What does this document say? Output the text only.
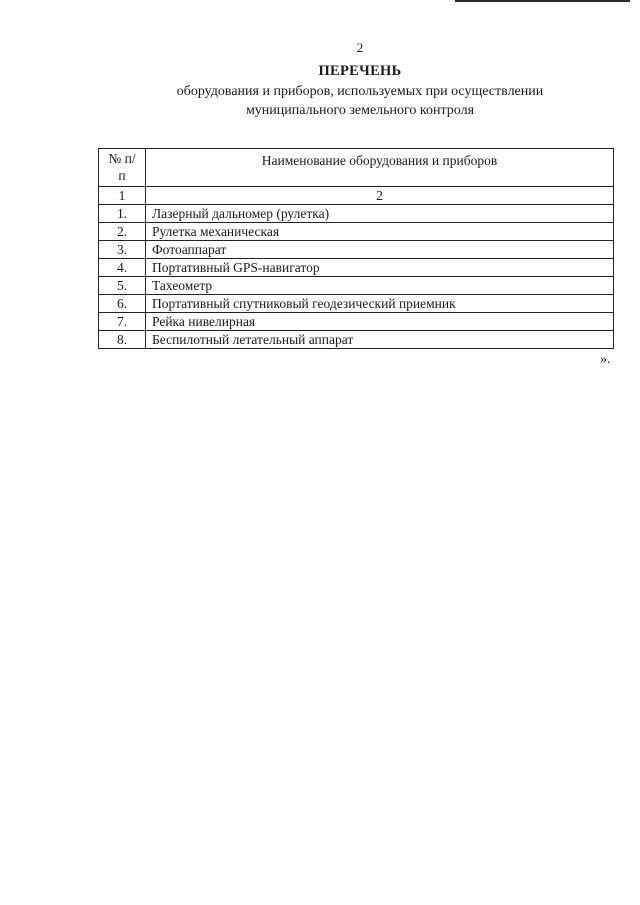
2
ПЕРЕЧЕНЬ
оборудования и приборов, используемых при осуществлении
муниципального земельного контроля
№ п/п	Наименование оборудования и приборов
1	2
1.	Лазерный дальномер (рулетка)
2.	Рулетка механическая
3.	Фотоаппарат
4.	Портативный GPS-навигатор
5.	Тахеометр
6.	Портативный спутниковый геодезический приемник
7.	Рейка нивелирная
8.	Беспилотный летательный аппарат
».
